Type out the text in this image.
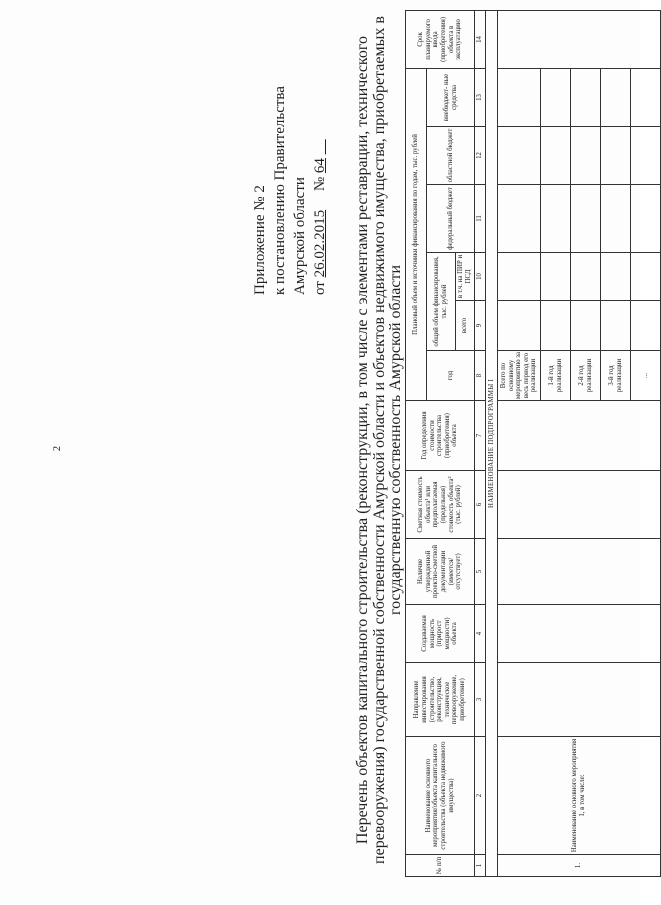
2
Приложение № 2 к постановлению Правительства Амурской области от 26.02.2015     № 64 Перечень объектов капитального строительства (реконструкции, в том числе с элементами реставрации, технического перевооружения) государственной собственности Амурской области и объектов недвижимого имущества, приобретаемых в государственную собственность Амурской области
№ п/п	Наименование основного мероприятия/объекта капитального строительства (объекта недвижимого имущества)	Направление инвестирования (строительство, реконструкция, техническое перевооружение, приобретение)	Создаваемая мощность (прирост мощности) объекта	Наличие утвержденной проектно-сметной документации (имеется/отсутствует)	Сметная стоимость объекта¹ или предполагаемая (предельная) стоимость объекта² (тыс. рублей)	Год определения стоимости строительства (приобретения) объекта	Плановый объем и источники финансирования по годам, тыс. рублей						Срок планируемого ввода (приобретения) объекта в эксплуатацию
							год	общий объем финансирования, тыс. рублей		федеральный бюджет	областной бюджет	внебюджет- ные средства	
								всего	в т.ч. на ПИР и ПСД				
1	2	3	4	5	6	7	8	9	10	11	12	13	14
НАИМЕНОВАНИЕ ПОДПРОГРАММЫ I													
1.	Наименование основного мероприятия 1, в том числе:						Всего по основному мероприятию за весь период его реализации						
							1-й год реализации						
							2-й год реализации						
							3-й год реализации						
							...						
